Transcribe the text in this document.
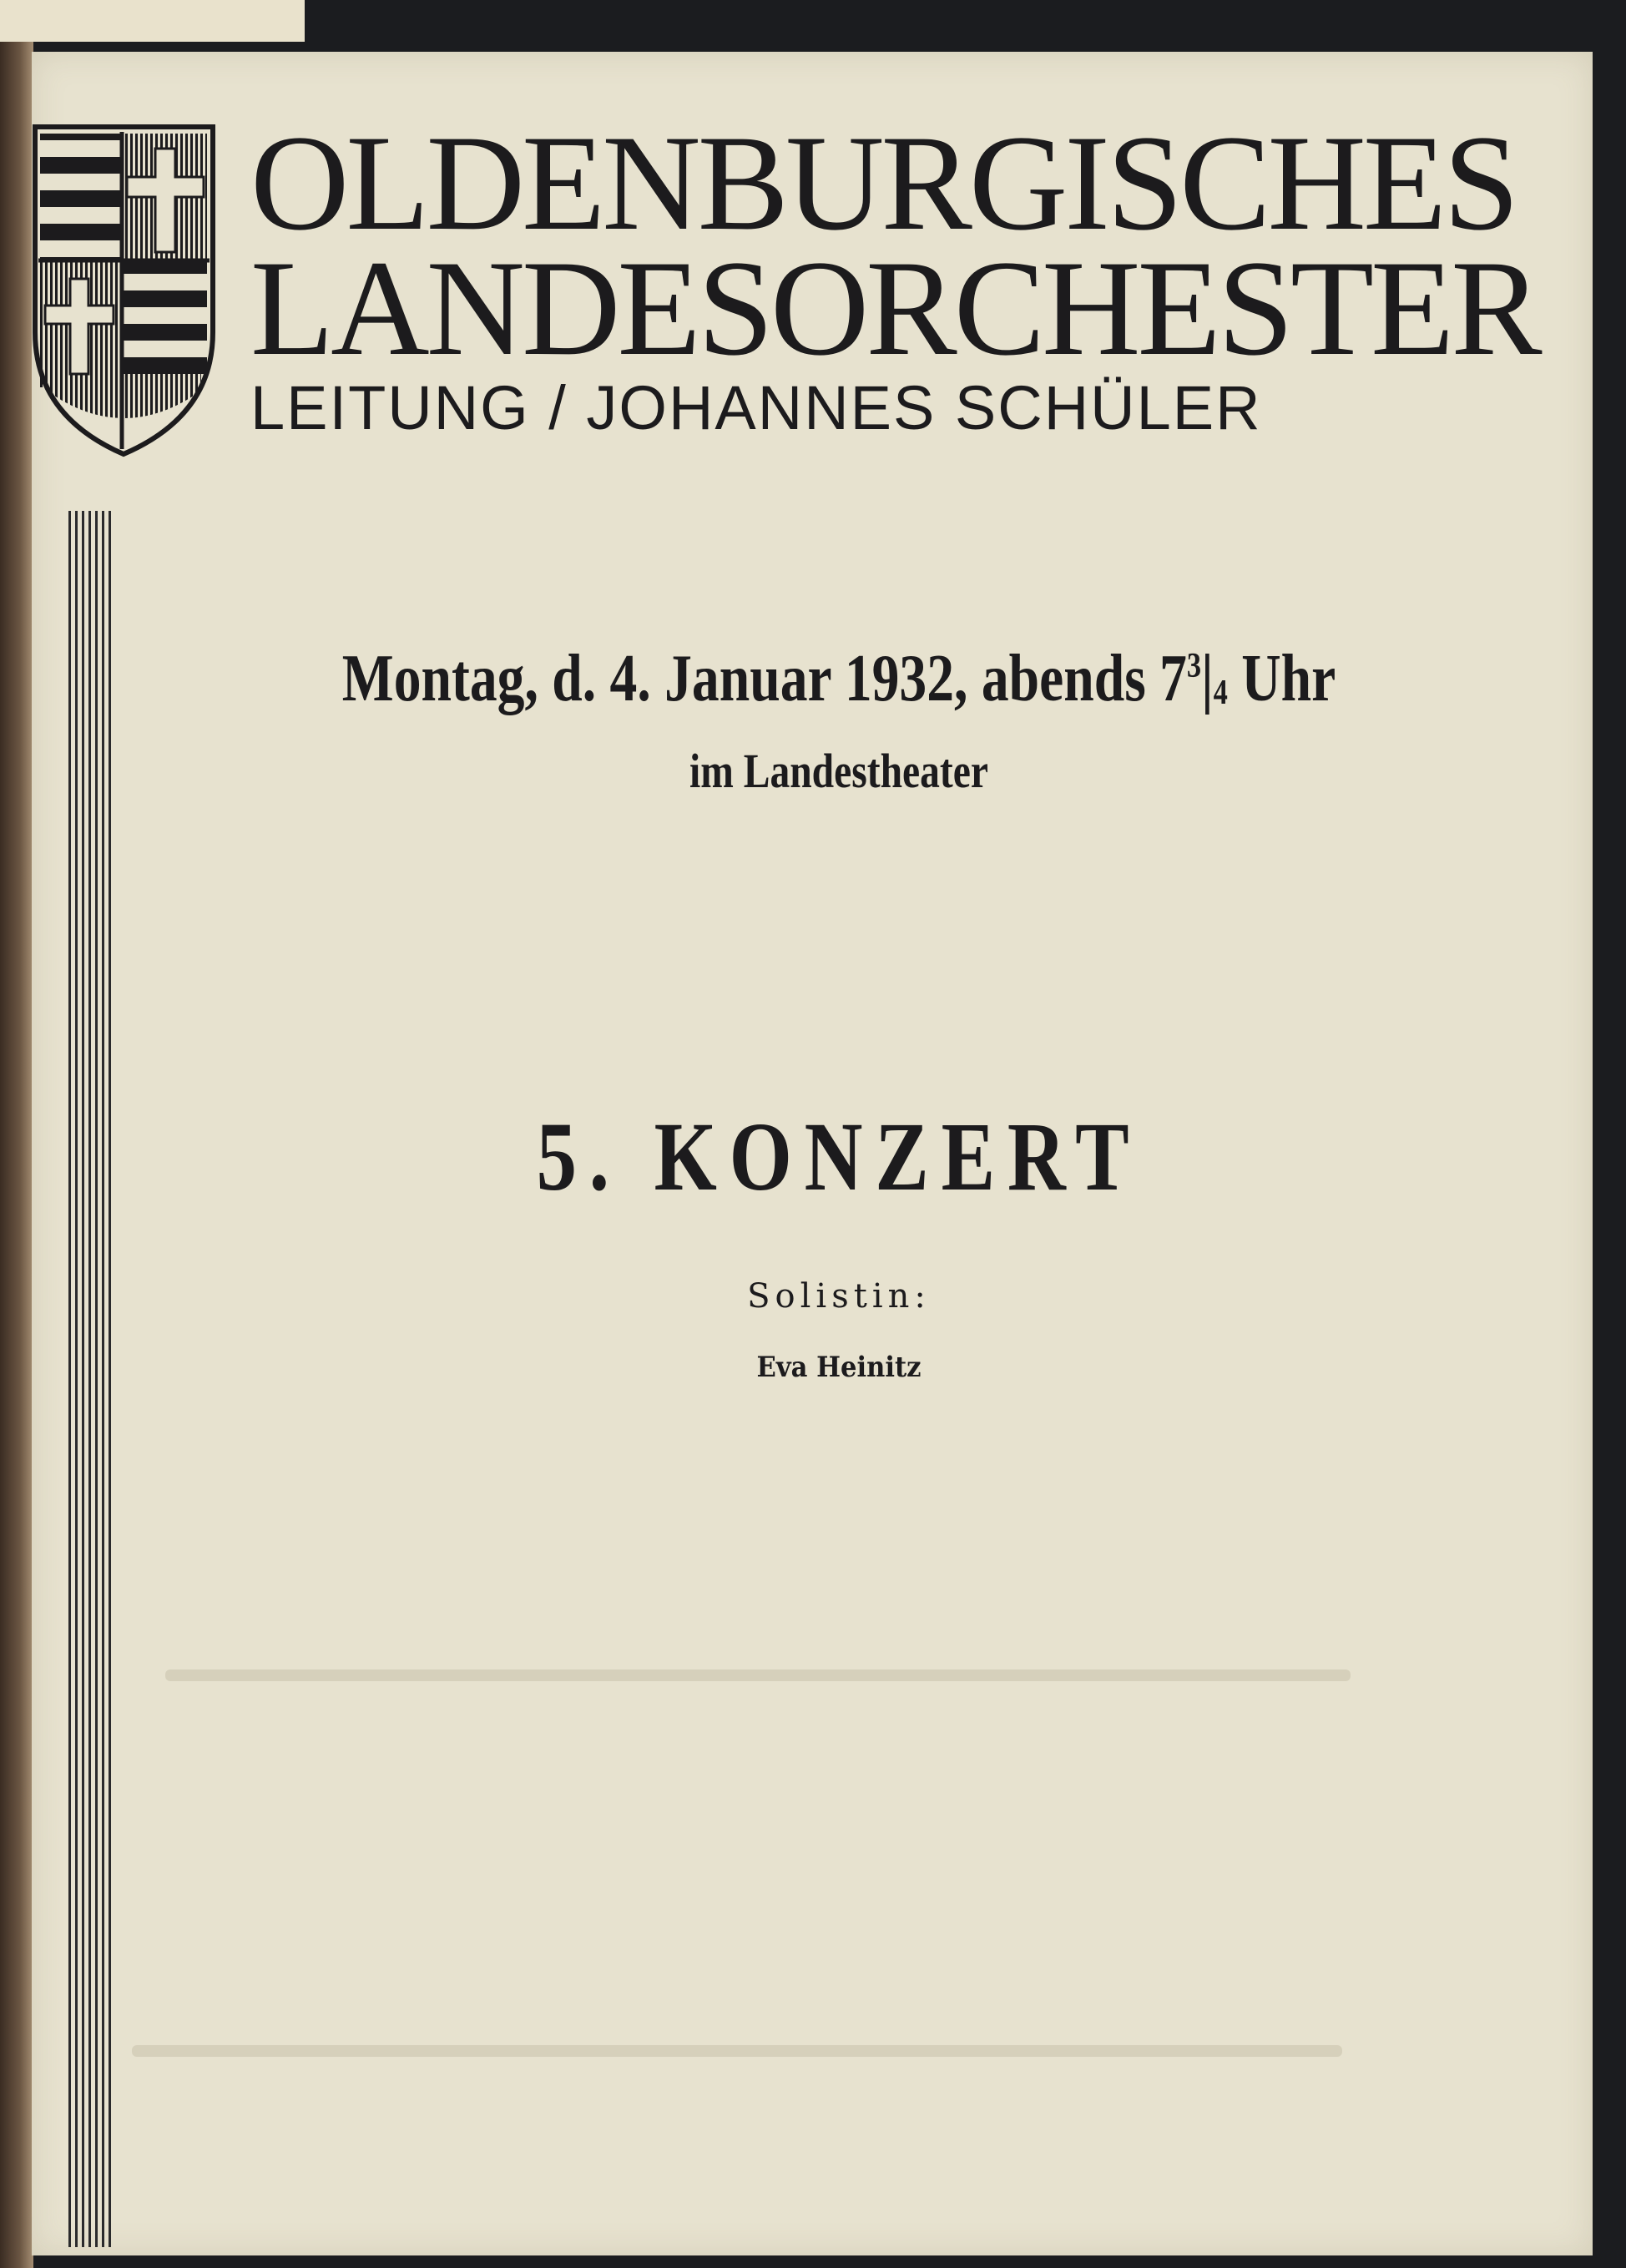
OLDENBURGISCHES
LANDESORCHESTER
LEITUNG / JOHANNES SCHÜLER
Montag, d. 4. Januar 1932, abends $7^3|_4$ Uhr
im Landestheater
5. KONZERT
Solistin:
Eva Heinitz
